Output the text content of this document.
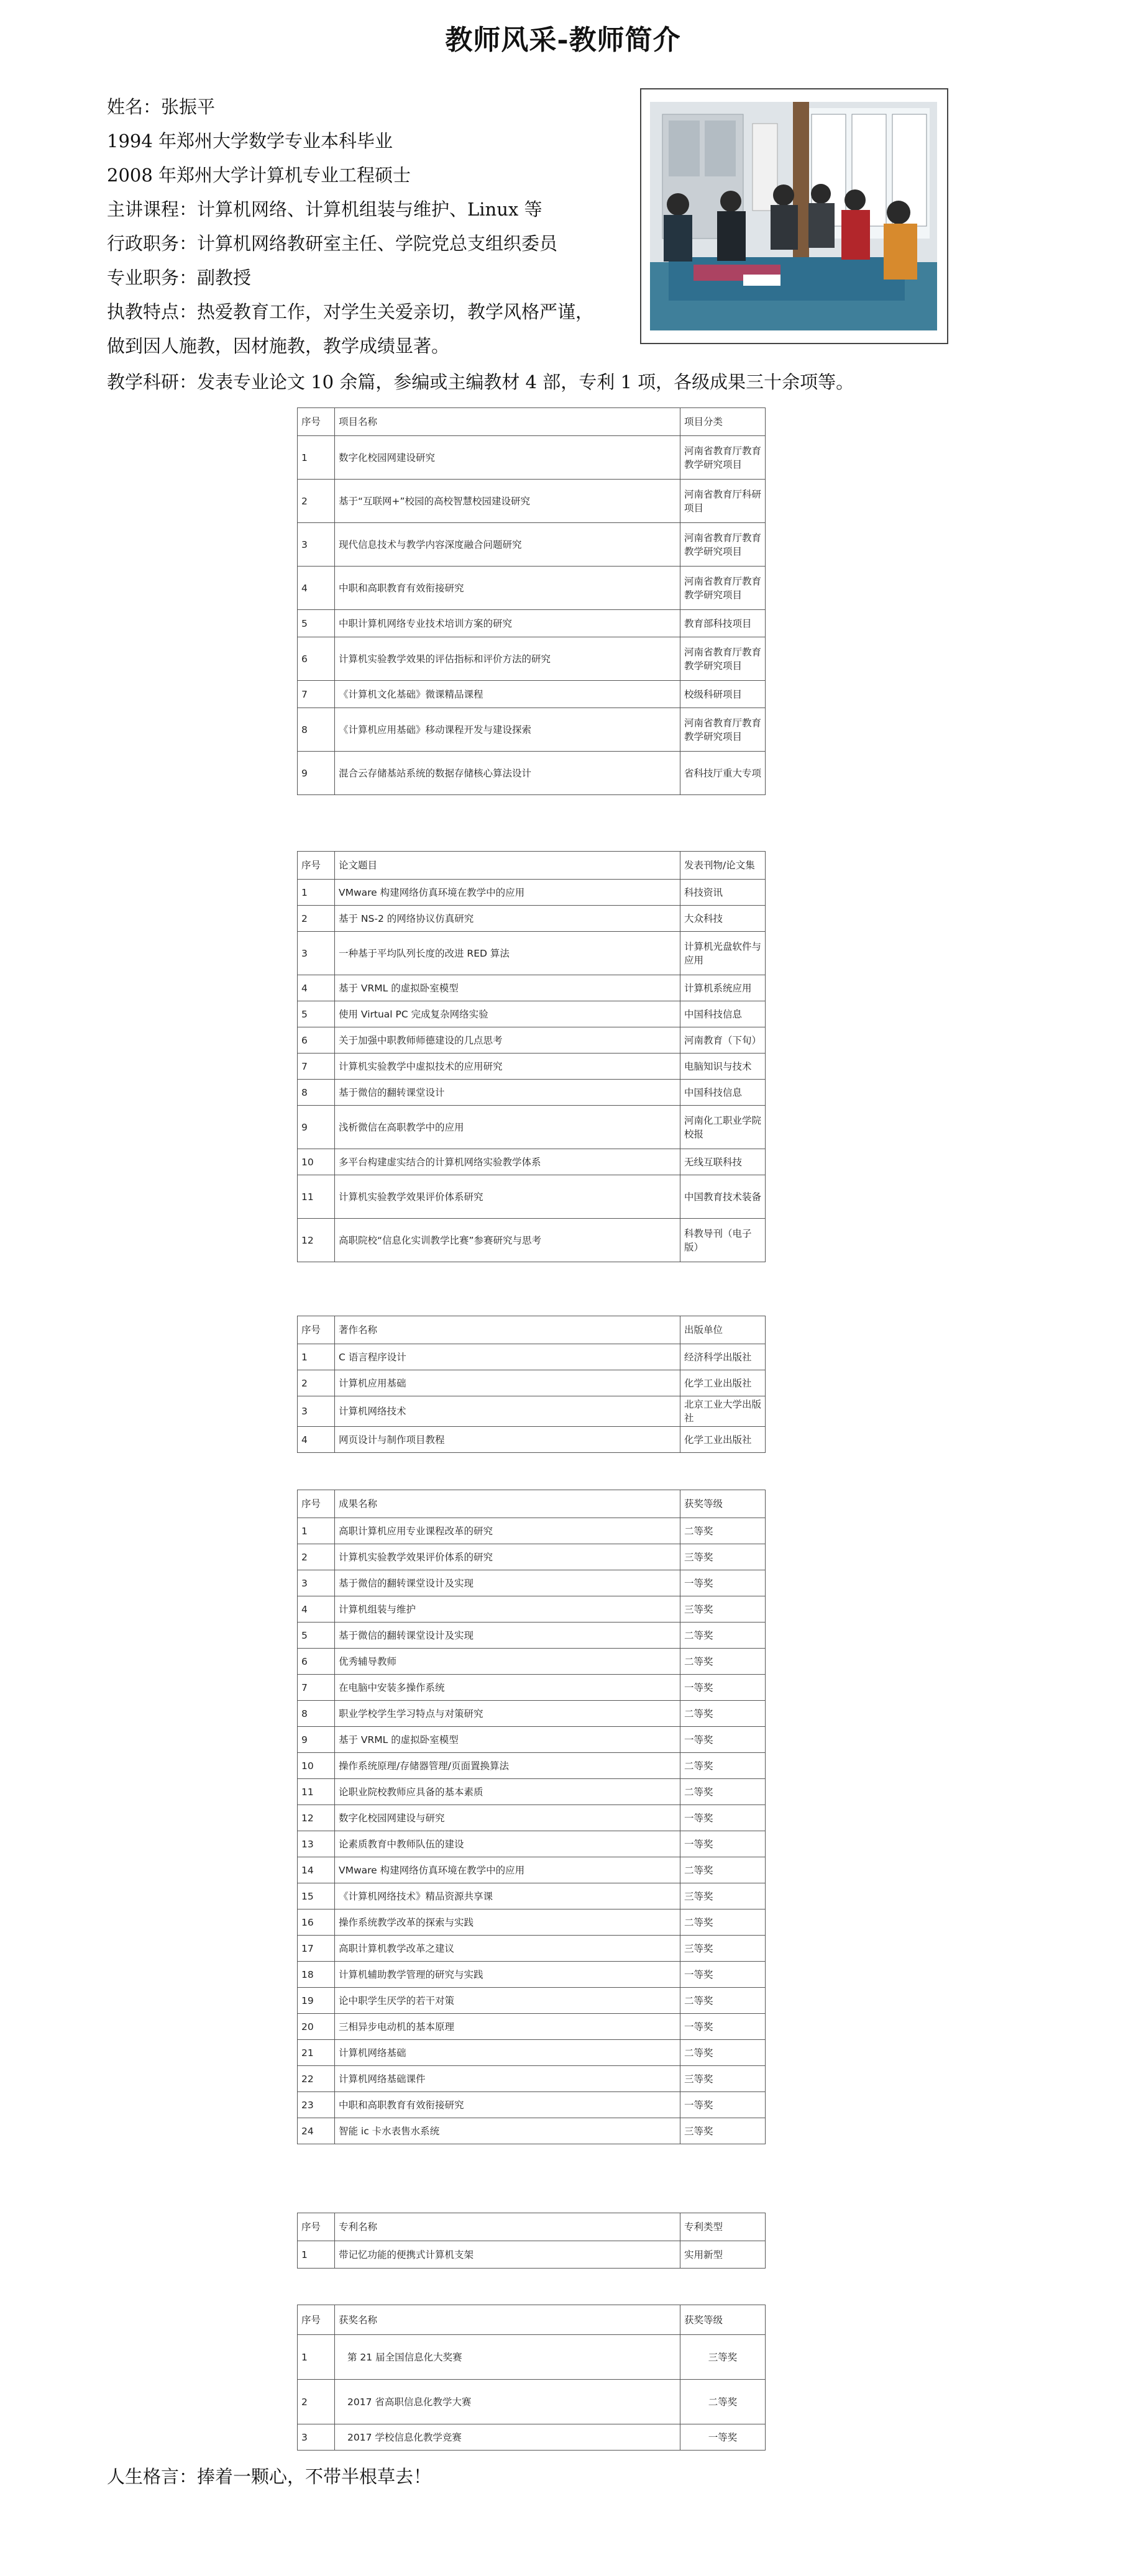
教师风采-教师简介
姓名：张振平
1994 年郑州大学数学专业本科毕业
2008 年郑州大学计算机专业工程硕士
主讲课程：计算机网络、计算机组装与维护、Linux 等
行政职务：计算机网络教研室主任、学院党总支组织委员
专业职务：副教授
执教特点：热爱教育工作，对学生关爱亲切，教学风格严谨，
做到因人施教，因材施教，教学成绩显著。
教学科研：发表专业论文 10 余篇，参编或主编教材 4 部，专利 1 项，各级成果三十余项等。
序号	项目名称	项目分类
1	数字化校园网建设研究	河南省教育厅教育教学研究项目
2	基于“互联网+”校园的高校智慧校园建设研究	河南省教育厅科研项目
3	现代信息技术与教学内容深度融合问题研究	河南省教育厅教育教学研究项目
4	中职和高职教育有效衔接研究	河南省教育厅教育教学研究项目
5	中职计算机网络专业技术培训方案的研究	教育部科技项目
6	计算机实验教学效果的评估指标和评价方法的研究	河南省教育厅教育教学研究项目
7	《计算机文化基础》微课精品课程	校级科研项目
8	《计算机应用基础》移动课程开发与建设探索	河南省教育厅教育教学研究项目
9	混合云存储基站系统的数据存储核心算法设计	省科技厅重大专项
序号	论文题目	发表刊物/论文集
1	VMware 构建网络仿真环境在教学中的应用	科技资讯
2	基于 NS-2 的网络协议仿真研究	大众科技
3	一种基于平均队列长度的改进 RED 算法	计算机光盘软件与应用
4	基于 VRML 的虚拟卧室模型	计算机系统应用
5	使用 Virtual PC 完成复杂网络实验	中国科技信息
6	关于加强中职教师师德建设的几点思考	河南教育（下旬）
7	计算机实验教学中虚拟技术的应用研究	电脑知识与技术
8	基于微信的翻转课堂设计	中国科技信息
9	浅析微信在高职教学中的应用	河南化工职业学院校报
10	多平台构建虚实结合的计算机网络实验教学体系	无线互联科技
11	计算机实验教学效果评价体系研究	中国教育技术装备
12	高职院校“信息化实训教学比赛”参赛研究与思考	科教导刊（电子版）
序号	著作名称	出版单位
1	C 语言程序设计	经济科学出版社
2	计算机应用基础	化学工业出版社
3	计算机网络技术	北京工业大学出版社
4	网页设计与制作项目教程	化学工业出版社
序号	成果名称	获奖等级
1	高职计算机应用专业课程改革的研究	二等奖
2	计算机实验教学效果评价体系的研究	三等奖
3	基于微信的翻转课堂设计及实现	一等奖
4	计算机组装与维护	三等奖
5	基于微信的翻转课堂设计及实现	二等奖
6	优秀辅导教师	二等奖
7	在电脑中安装多操作系统	一等奖
8	职业学校学生学习特点与对策研究	二等奖
9	基于 VRML 的虚拟卧室模型	一等奖
10	操作系统原理/存储器管理/页面置换算法	二等奖
11	论职业院校教师应具备的基本素质	二等奖
12	数字化校园网建设与研究	一等奖
13	论素质教育中教师队伍的建设	一等奖
14	VMware 构建网络仿真环境在教学中的应用	二等奖
15	《计算机网络技术》精品资源共享课	三等奖
16	操作系统教学改革的探索与实践	二等奖
17	高职计算机教学改革之建议	三等奖
18	计算机辅助教学管理的研究与实践	一等奖
19	论中职学生厌学的若干对策	二等奖
20	三相异步电动机的基本原理	一等奖
21	计算机网络基础	二等奖
22	计算机网络基础课件	三等奖
23	中职和高职教育有效衔接研究	一等奖
24	智能 ic 卡水表售水系统	三等奖
序号	专利名称	专利类型
1	带记忆功能的便携式计算机支架	实用新型
序号	获奖名称	获奖等级
1	第 21 届全国信息化大奖赛	三等奖
2	2017 省高职信息化教学大赛	二等奖
3	2017 学校信息化教学竞赛	一等奖
人生格言：捧着一颗心，不带半根草去！
